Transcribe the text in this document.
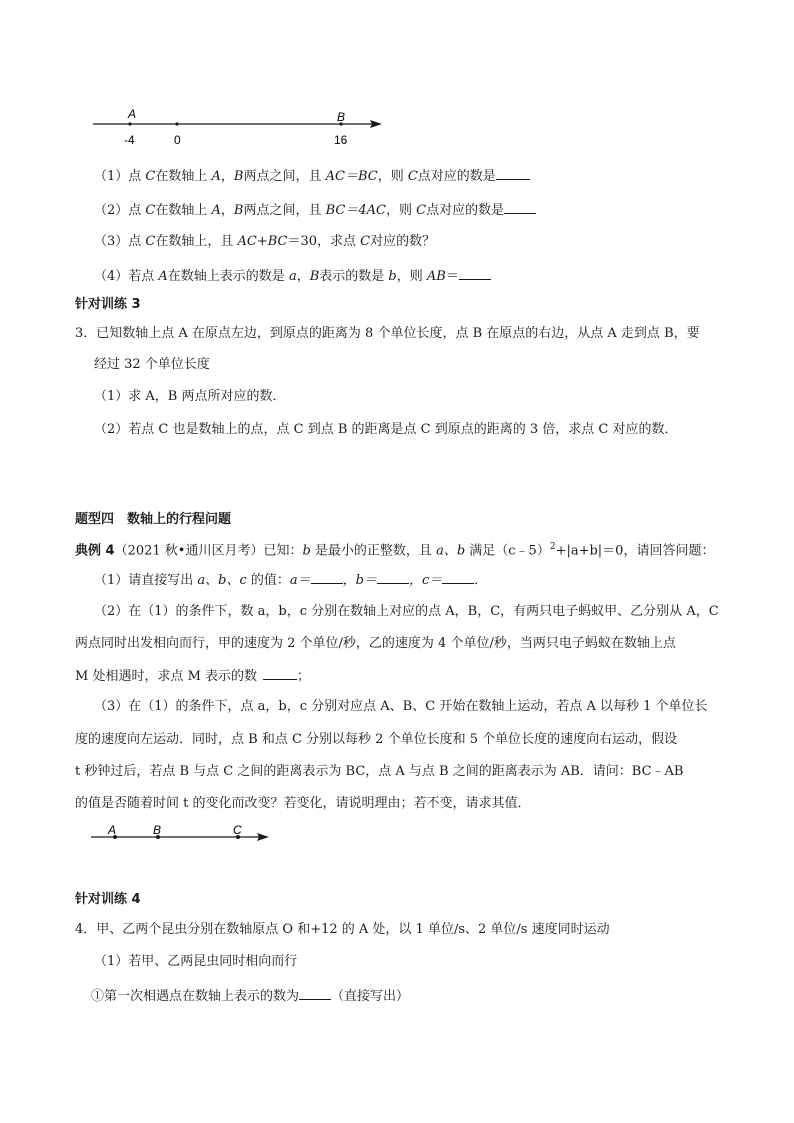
A	B
-4	0	16
（1）点 C在数轴上 A，B两点之间，且 AC＝BC，则 C点对应的数是
（2）点 C在数轴上 A，B两点之间，且 BC＝4AC，则 C点对应的数是
（3）点 C在数轴上，且 AC+BC＝30，求点 C对应的数？
（4）若点 A在数轴上表示的数是 a，B表示的数是 b，则 AB＝
针对训练 3
3．已知数轴上点 A 在原点左边，到原点的距离为 8 个单位长度，点 B 在原点的右边，从点 A 走到点 B，要
经过 32 个单位长度
（1）求 A，B 两点所对应的数．
（2）若点 C 也是数轴上的点，点 C 到点 B 的距离是点 C 到原点的距离的 3 倍，求点 C 对应的数．
题型四　数轴上的行程问题
典例 4（2021 秋•通川区月考）已知：b 是最小的正整数，且 a、b 满足（c﹣5）$^2$+|a+b|＝0，请回答问题：
（1）请直接写出 a、b、c 的值：a＝ ，b＝ ，c＝ ．
（2）在（1）的条件下，数 a，b，c 分别在数轴上对应的点 A，B，C，有两只电子蚂蚁甲、乙分别从 A，C
两点同时出发相向而行，甲的速度为 2 个单位/秒，乙的速度为 4 个单位/秒，当两只电子蚂蚁在数轴上点
M 处相遇时，求点 M 表示的数	；
（3）在（1）的条件下，点 a，b，c 分别对应点 A、B、C 开始在数轴上运动，若点 A 以每秒 1 个单位长
度的速度向左运动．同时，点 B 和点 C 分别以每秒 2 个单位长度和 5 个单位长度的速度向右运动，假设
t 秒钟过后，若点 B 与点 C 之间的距离表示为 BC，点 A 与点 B 之间的距离表示为 AB．请问：BC﹣AB
的值是否随着时间 t 的变化而改变？若变化，请说明理由；若不变，请求其值．
A	B	C
针对训练 4
4．甲、乙两个昆虫分别在数轴原点 O 和+12 的 A 处，以 1 单位/s、2 单位/s 速度同时运动
（1）若甲、乙两昆虫同时相向而行
①第一次相遇点在数轴上表示的数为 （直接写出）
